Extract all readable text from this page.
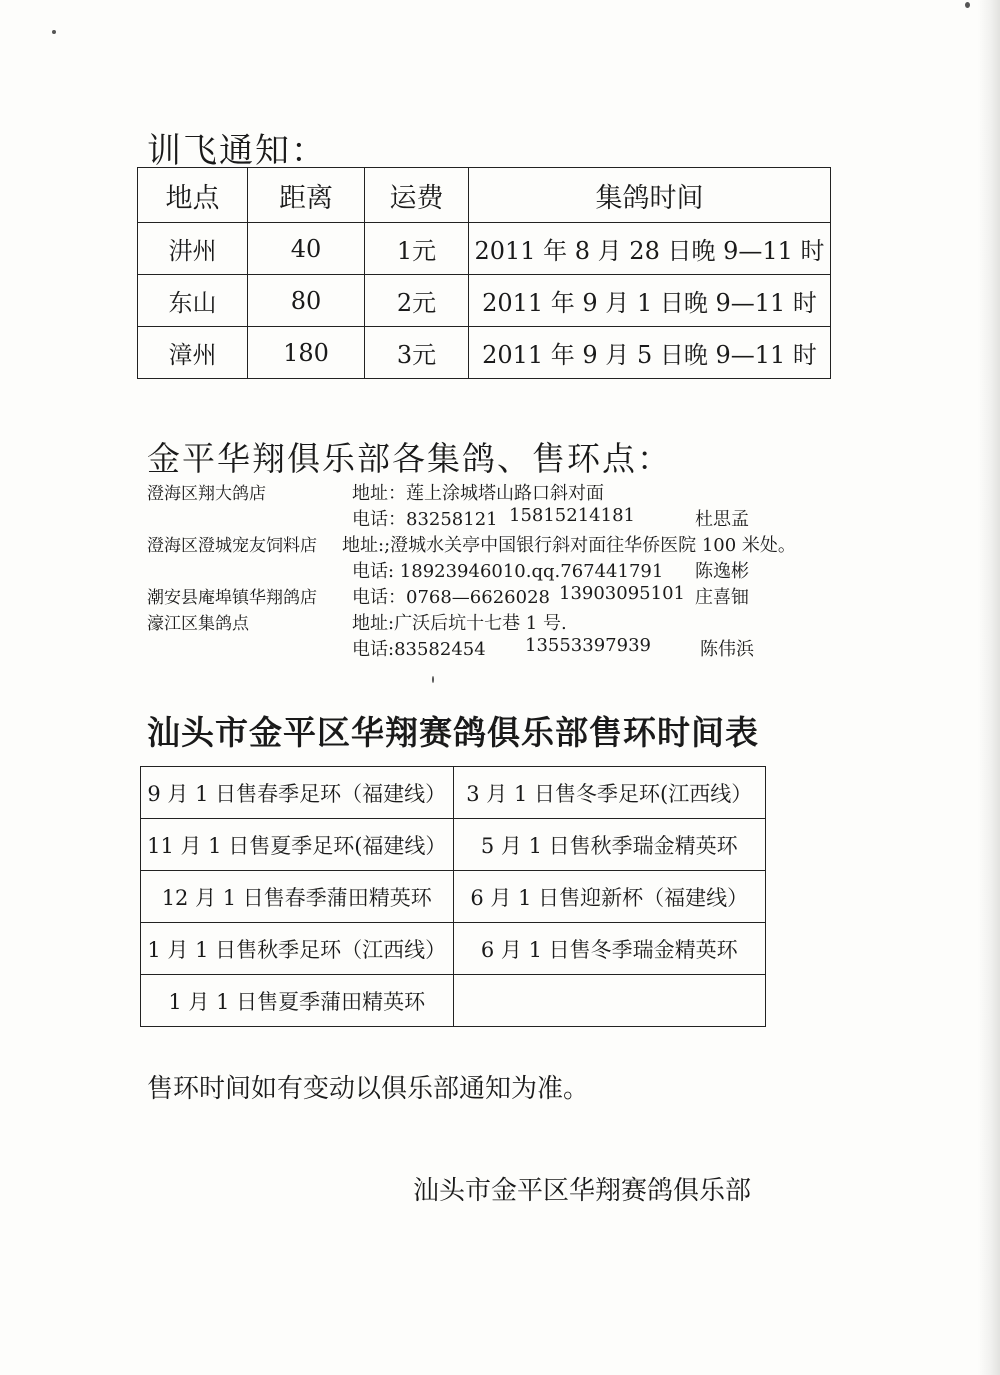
训飞通知：
地点	距离	运费	集鸽时间
汫州	40	1元	2011 年 8 月 28 日晚 9—11 时
东山	80	2元	2011 年 9 月 1 日晚 9—11 时
漳州	180	3元	2011 年 9 月 5 日晚 9—11 时
金平华翔俱乐部各集鸽、售环点：
澄海区翔大鸽店	地址：莲上涂城塔山路口斜对面
电话：83258121 15815214181	杜思孟
澄海区澄城宠友饲料店 地址:;澄城水关亭中国银行斜对面往华侨医院 100 米处。
电话: 18923946010.qq.767441791 陈逸彬
潮安县庵埠镇华翔鸽店 电话：0768—6626028 13903095101 庄喜钿
濠江区集鸽点	地址:广沃后坑十七巷 1 号.
电话:83582454 13553397939	陈伟浜
汕头市金平区华翔赛鸽俱乐部售环时间表
9 月 1 日售春季足环（福建线）	3 月 1 日售冬季足环(江西线）
11 月 1 日售夏季足环(福建线）	5 月 1 日售秋季瑞金精英环
12 月 1 日售春季蒲田精英环	6 月 1 日售迎新杯（福建线）
1 月 1 日售秋季足环（江西线）	6 月 1 日售冬季瑞金精英环
1 月 1 日售夏季蒲田精英环	

售环时间如有变动以俱乐部通知为准。

汕头市金平区华翔赛鸽俱乐部
